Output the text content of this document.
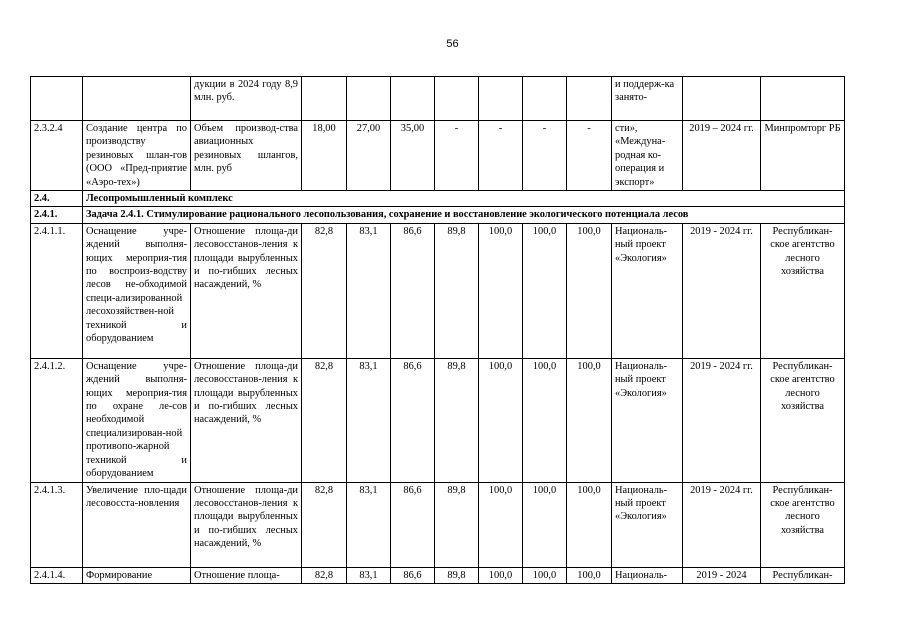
56
		дукции в 2024 году 8,9 млн. руб.								и поддерж-ка занято-		
2.3.2.4	Создание центра по производству резиновых шлан-гов (ООО «Пред-приятие «Аэро-тех»)	Объем производ-ства авиационных резиновых шлангов, млн. руб	18,00	27,00	35,00	-	-	-	-	сти», «Междуна-родная ко-операция и экспорт»	2019 – 2024 гг.	Минпромторг РБ
2.4.	Лесопромышленный комплекс											
2.4.1.	Задача 2.4.1. Стимулирование рационального лесопользования, сохранение и восстановление экологического потенциала лесов											
2.4.1.1.	Оснащение учре-ждений выполня-ющих мероприя-тия по воспроиз-водству лесов не-обходимой специ-ализированной лесохозяйствен-ной техникой и оборудованием	Отношение площа-ди лесовосстанов-ления к площади вырубленных и по-гибших лесных насаждений, %	82,8	83,1	86,6	89,8	100,0	100,0	100,0	Националь-ный проект «Экология»	2019 - 2024 гг.	Республикан-ское агентство лесного хозяйства
2.4.1.2.	Оснащение учре-ждений выполня-ющих мероприя-тия по охране ле-сов необходимой специализирован-ной противопо-жарной техникой и оборудованием	Отношение площа-ди лесовосстанов-ления к площади вырубленных и по-гибших лесных насаждений, %	82,8	83,1	86,6	89,8	100,0	100,0	100,0	Националь-ный проект «Экология»	2019 - 2024 гг.	Республикан-ское агентство лесного хозяйства
2.4.1.3.	Увеличение пло-щади лесовосста-новления	Отношение площа-ди лесовосстанов-ления к площади вырубленных и по-гибших лесных насаждений, %	82,8	83,1	86,6	89,8	100,0	100,0	100,0	Националь-ный проект «Экология»	2019 - 2024 гг.	Республикан-ское агентство лесного хозяйства
2.4.1.4.	Формирование	Отношение площа-	82,8	83,1	86,6	89,8	100,0	100,0	100,0	Националь-	2019 - 2024	Республикан-
